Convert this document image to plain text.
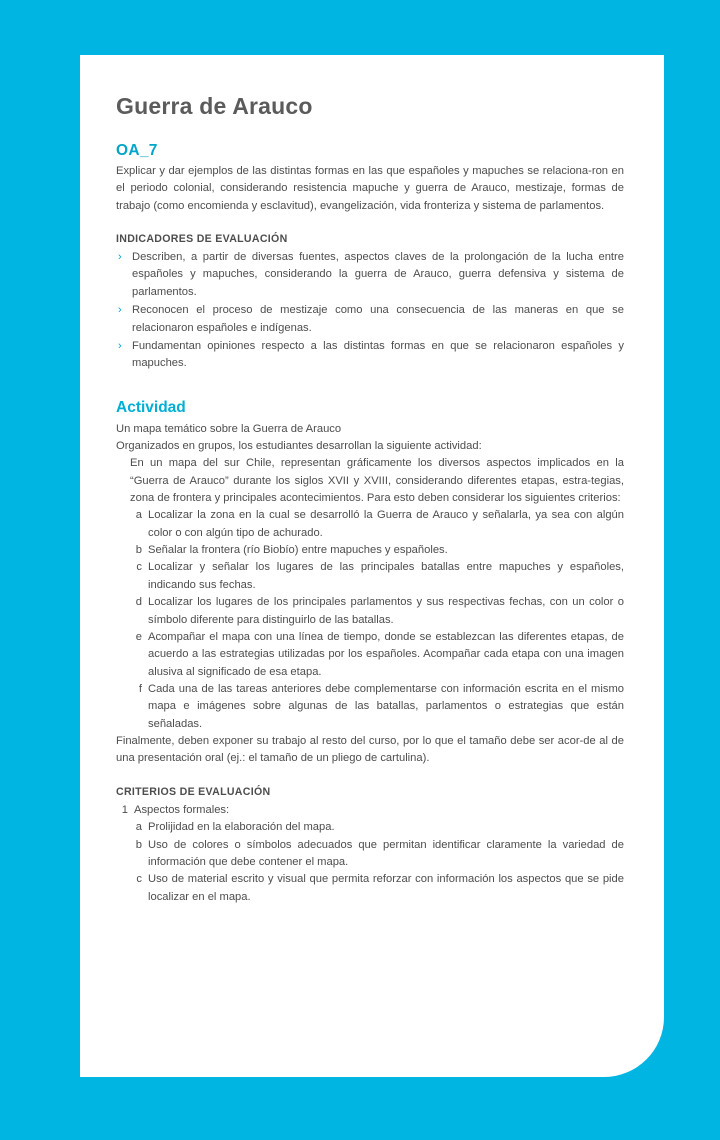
Guerra de Arauco
OA_7

Explicar y dar ejemplos de las distintas formas en las que españoles y mapuches se relaciona-ron en el periodo colonial, considerando resistencia mapuche y guerra de Arauco, mestizaje, formas de trabajo (como encomienda y esclavitud), evangelización, vida fronteriza y sistema de parlamentos.

INDICADORES DE EVALUACIÓN
› Describen, a partir de diversas fuentes, aspectos claves de la prolongación de la lucha entre españoles y mapuches, considerando la guerra de Arauco, guerra defensiva y sistema de parlamentos.
› Reconocen el proceso de mestizaje como una consecuencia de las maneras en que se relacionaron españoles e indígenas.
› Fundamentan opiniones respecto a las distintas formas en que se relacionaron españoles y mapuches.
Actividad

Un mapa temático sobre la Guerra de Arauco

Organizados en grupos, los estudiantes desarrollan la siguiente actividad:

En un mapa del sur Chile, representan gráficamente los diversos aspectos implicados en la “Guerra de Arauco” durante los siglos XVII y XVIII, considerando diferentes etapas, estra-tegias, zona de frontera y principales acontecimientos. Para esto deben considerar los siguientes criterios:

a Localizar la zona en la cual se desarrolló la Guerra de Arauco y señalarla, ya sea con algún color o con algún tipo de achurado.
b Señalar la frontera (río Biobío) entre mapuches y españoles.
c Localizar y señalar los lugares de las principales batallas entre mapuches y españoles, indicando sus fechas.
d Localizar los lugares de los principales parlamentos y sus respectivas fechas, con un color o símbolo diferente para distinguirlo de las batallas.
e Acompañar el mapa con una línea de tiempo, donde se establezcan las diferentes etapas, de acuerdo a las estrategias utilizadas por los españoles. Acompañar cada etapa con una imagen alusiva al significado de esa etapa.
f Cada una de las tareas anteriores debe complementarse con información escrita en el mismo mapa e imágenes sobre algunas de las batallas, parlamentos o estrategias que están señaladas.

Finalmente, deben exponer su trabajo al resto del curso, por lo que el tamaño debe ser acor-de al de una presentación oral (ej.: el tamaño de un pliego de cartulina).

CRITERIOS DE EVALUACIÓN
1 Aspectos formales:
a Prolijidad en la elaboración del mapa.
b Uso de colores o símbolos adecuados que permitan identificar claramente la variedad de información que debe contener el mapa.
c Uso de material escrito y visual que permita reforzar con información los aspectos que se pide localizar en el mapa.
